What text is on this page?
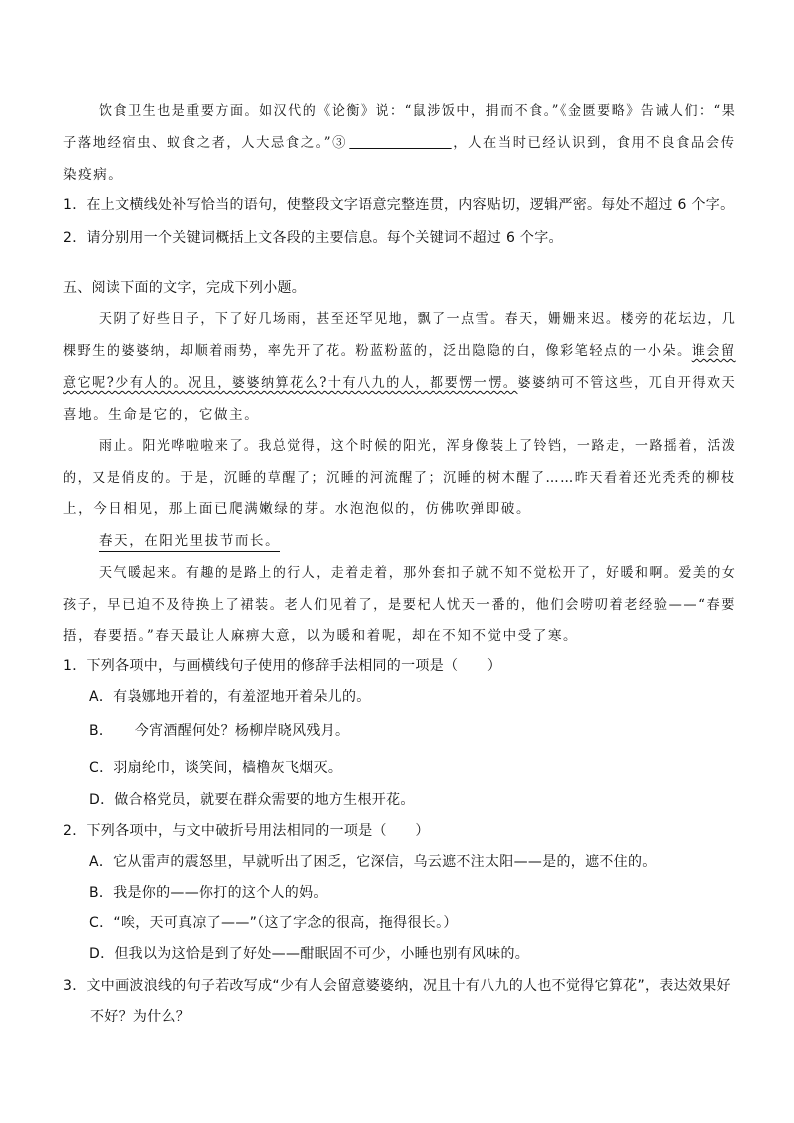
饮食卫生也是重要方面。如汉代的《论衡》说：“鼠涉饭中，捐而不食。”《金匮要略》告诫人们：“果
子落地经宿虫、蚁食之者，人大忌食之。”③	，人在当时已经认识到，食用不良食品会传
染疫病。
1．在上文横线处补写恰当的语句，使整段文字语意完整连贯，内容贴切，逻辑严密。每处不超过 6 个字。
2．请分别用一个关键词概括上文各段的主要信息。每个关键词不超过 6 个字。
五、阅读下面的文字，完成下列小题。
天阴了好些日子，下了好几场雨，甚至还罕见地，飘了一点雪。春天，姗姗来迟。楼旁的花坛边，几
棵野生的婆婆纳，却顺着雨势，率先开了花。粉蓝粉蓝的，泛出隐隐的白，像彩笔轻点的一小朵。谁会留
意它呢?少有人的。况且，婆婆纳算花么?十有八九的人，都要愣一愣。婆婆纳可不管这些，兀自开得欢天
喜地。生命是它的，它做主。
雨止。阳光哗啦啦来了。我总觉得，这个时候的阳光，浑身像装上了铃铛，一路走，一路摇着，活泼
的，又是俏皮的。于是，沉睡的草醒了；沉睡的河流醒了；沉睡的树木醒了……昨天看着还光秃秃的柳枝
上，今日相见，那上面已爬满嫩绿的芽。水泡泡似的，仿佛吹弹即破。
春天，在阳光里拔节而长。
天气暖起来。有趣的是路上的行人，走着走着，那外套扣子就不知不觉松开了，好暖和啊。爱美的女
孩子，早已迫不及待换上了裙装。老人们见着了，是要杞人忧天一番的，他们会唠叨着老经验——“春要
捂，春要捂。”春天最让人麻痹大意，以为暖和着呢，却在不知不觉中受了寒。
1．下列各项中，与画横线句子使用的修辞手法相同的一项是（　　）
A．有袅娜地开着的，有羞涩地开着朵儿的。
B．　　今宵酒醒何处？杨柳岸晓风残月。
C．羽扇纶巾，谈笑间，樯橹灰飞烟灭。
D．做合格党员，就要在群众需要的地方生根开花。
2．下列各项中，与文中破折号用法相同的一项是（　　）
A．它从雷声的震怒里，早就听出了困乏，它深信，乌云遮不注太阳——是的，遮不住的。
B．我是你的——你打的这个人的妈。
C．“唉，天可真凉了——”（这了字念的很高，拖得很长。）
D．但我以为这恰是到了好处——酣眠固不可少，小睡也别有风味的。
3．文中画波浪线的句子若改写成“少有人会留意婆婆纳，况且十有八九的人也不觉得它算花”，表达效果好
不好？为什么？
